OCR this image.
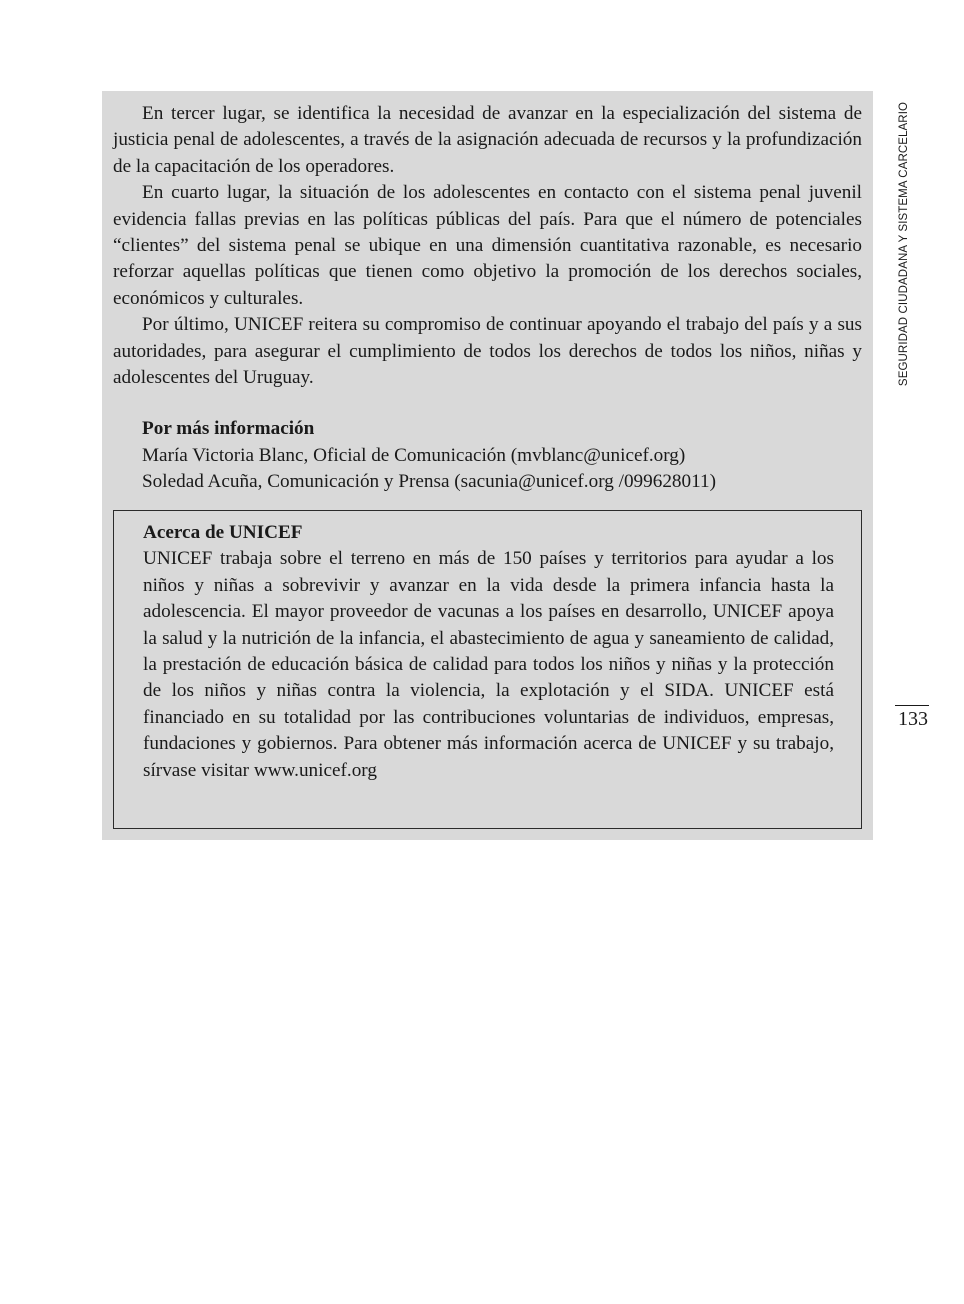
En tercer lugar, se identifica la necesidad de avanzar en la especialización del sistema de justicia penal de adolescentes, a través de la asignación adecuada de recursos y la profundización de la capacitación de los operadores.

En cuarto lugar, la situación de los adolescentes en contacto con el sistema penal juvenil evidencia fallas previas en las políticas públicas del país. Para que el número de potenciales “clientes” del sistema penal se ubique en una dimensión cuantitativa razonable, es necesario reforzar aquellas políticas que tienen como objetivo la promoción de los derechos sociales, económicos y culturales.

Por último, UNICEF reitera su compromiso de continuar apoyando el trabajo del país y a sus autoridades, para asegurar el cumplimiento de todos los derechos de todos los niños, niñas y adolescentes del Uruguay.

Por más información
María Victoria Blanc, Oficial de Comunicación (mvblanc@unicef.org)
Soledad Acuña, Comunicación y Prensa (sacunia@unicef.org /099628011)
Acerca de UNICEF

UNICEF trabaja sobre el terreno en más de 150 países y territorios para ayudar a los niños y niñas a sobrevivir y avanzar en la vida desde la primera infancia hasta la adolescencia. El mayor proveedor de vacunas a los países en desarrollo, UNICEF apoya la salud y la nutrición de la infancia, el abastecimiento de agua y saneamiento de calidad, la prestación de educación básica de calidad para todos los niños y niñas y la protección de los niños y niñas contra la violencia, la explotación y el SIDA. UNICEF está financiado en su totalidad por las contribuciones voluntarias de individuos, empresas, fundaciones y gobiernos. Para obtener más información acerca de UNICEF y su trabajo, sírvase visitar www.unicef.org

SEGURIDAD CIUDADANA Y SISTEMA CARCELARIO
133
